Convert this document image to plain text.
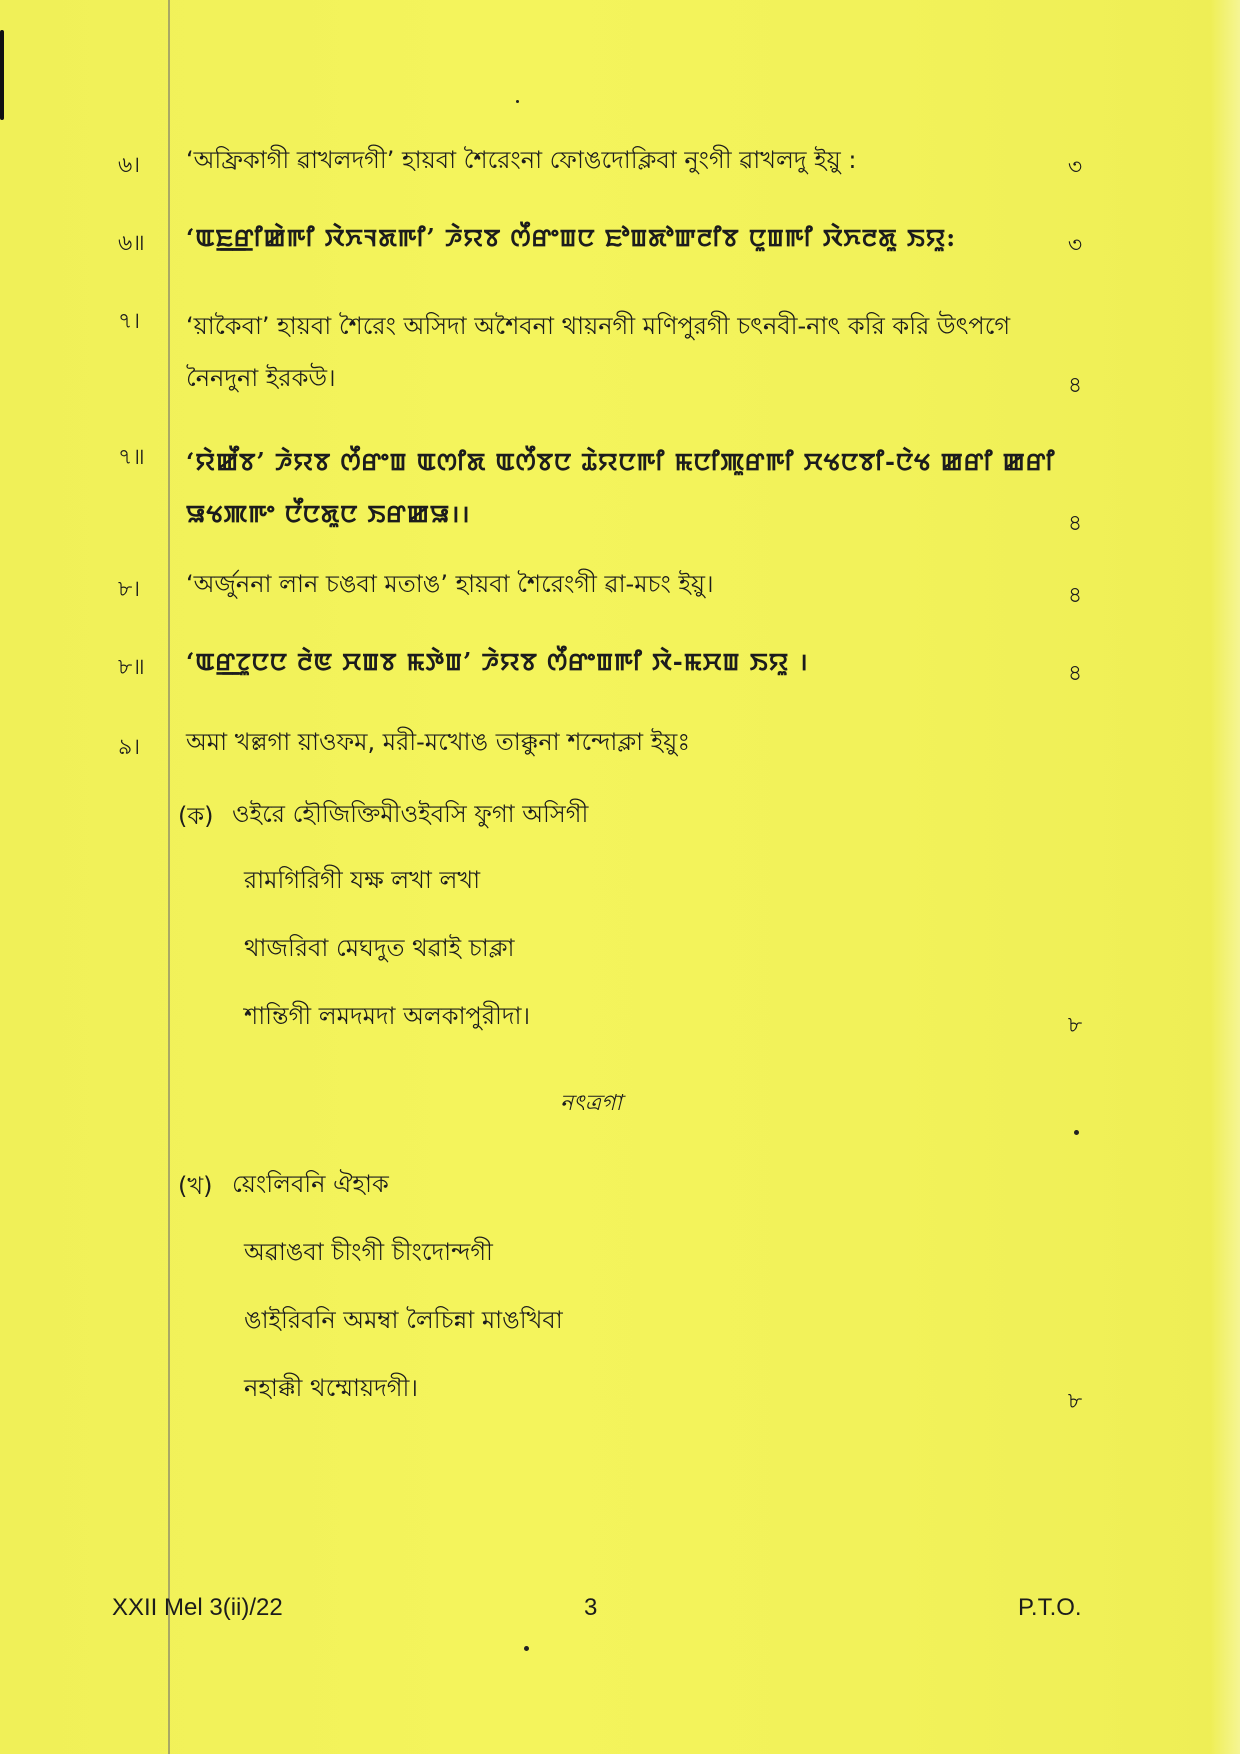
৬।	‘অফ্রিকাগী ৱাখলদগী’ হায়বা শৈরেংনা ফোঙদোক্লিবা নুংগী ৱাখলদু ইয়ু :	৩
৬॥	‘ꯑꯐ꯭ꯔꯤꯀꯥꯒꯤ ꯋꯥꯈꯜꯗꯒꯤ’ ꯍꯥꯌꯕ ꯁꯩꯔꯦꯡꯅ ꯐꯣꯡꯗꯣꯛꯂꯤꯕ ꯅꯨꯡꯒꯤ ꯋꯥꯈꯂꯗꯨ ꯏꯌꯨ:	৩
৭।	‘য়াকৈবা’ হায়বা শৈরেং অসিদা অশৈবনা থায়নগী মণিপুরগী চৎনবী-নাৎ করি করি উৎপগে নৈনদুনা ইরকউ।	৪
৭॥	‘ꯌꯥꯀꯩꯕ’ ꯍꯥꯌꯕ ꯁꯩꯔꯦꯡ ꯑꯁꯤꯗ ꯑꯁꯩꯕꯅ ꯊꯥꯌꯅꯒꯤ ꯃꯅꯤꯄꯨꯔꯒꯤ ꯆꯠꯅꯕꯤ-ꯅꯥꯠ ꯀꯔꯤ ꯀꯔꯤ ꯎꯠꯄꯒꯦ ꯅꯩꯅꯗꯨꯅ ꯏꯔꯀꯎ।।	৪
৮।	‘অর্জুননা লান চঙবা মতাঙ’ হায়বা শৈরেংগী ৱা-মচং ইয়ু।	৪
৮॥	‘ꯑꯔ꯭ꯖꯨꯅꯅ ꯂꯥꯟ ꯆꯡꯕ ꯃꯇꯥꯡ’ ꯍꯥꯌꯕ ꯁꯩꯔꯦꯡꯒꯤ ꯋꯥ-ꯃꯆꯡ ꯏꯌꯨ ।	৪
৯।	অমা খল্লগা য়াওফম, মরী-মখোঙ তাক্কুনা শন্দোক্লা ইয়ুঃ
(ক) ওইরে হৌজিক্তিমীওইবসি ফুগা অসিগী
রামগিরিগী যক্ষ লখা লখা
থাজরিবা মেঘদুত থৱাই চাক্লা
শান্তিগী লমদমদা অলকাপুরীদা।	৮
নৎত্রগা
(খ) য়েংলিবনি ঐহাক
অৱাঙবা চীংগী চীংদোন্দগী
ঙাইরিবনি অমম্বা লৈচিন্না মাঙখিবা
নহাক্কী থম্মোয়দগী।	৮
XXII Mel 3(ii)/22	3	P.T.O.
